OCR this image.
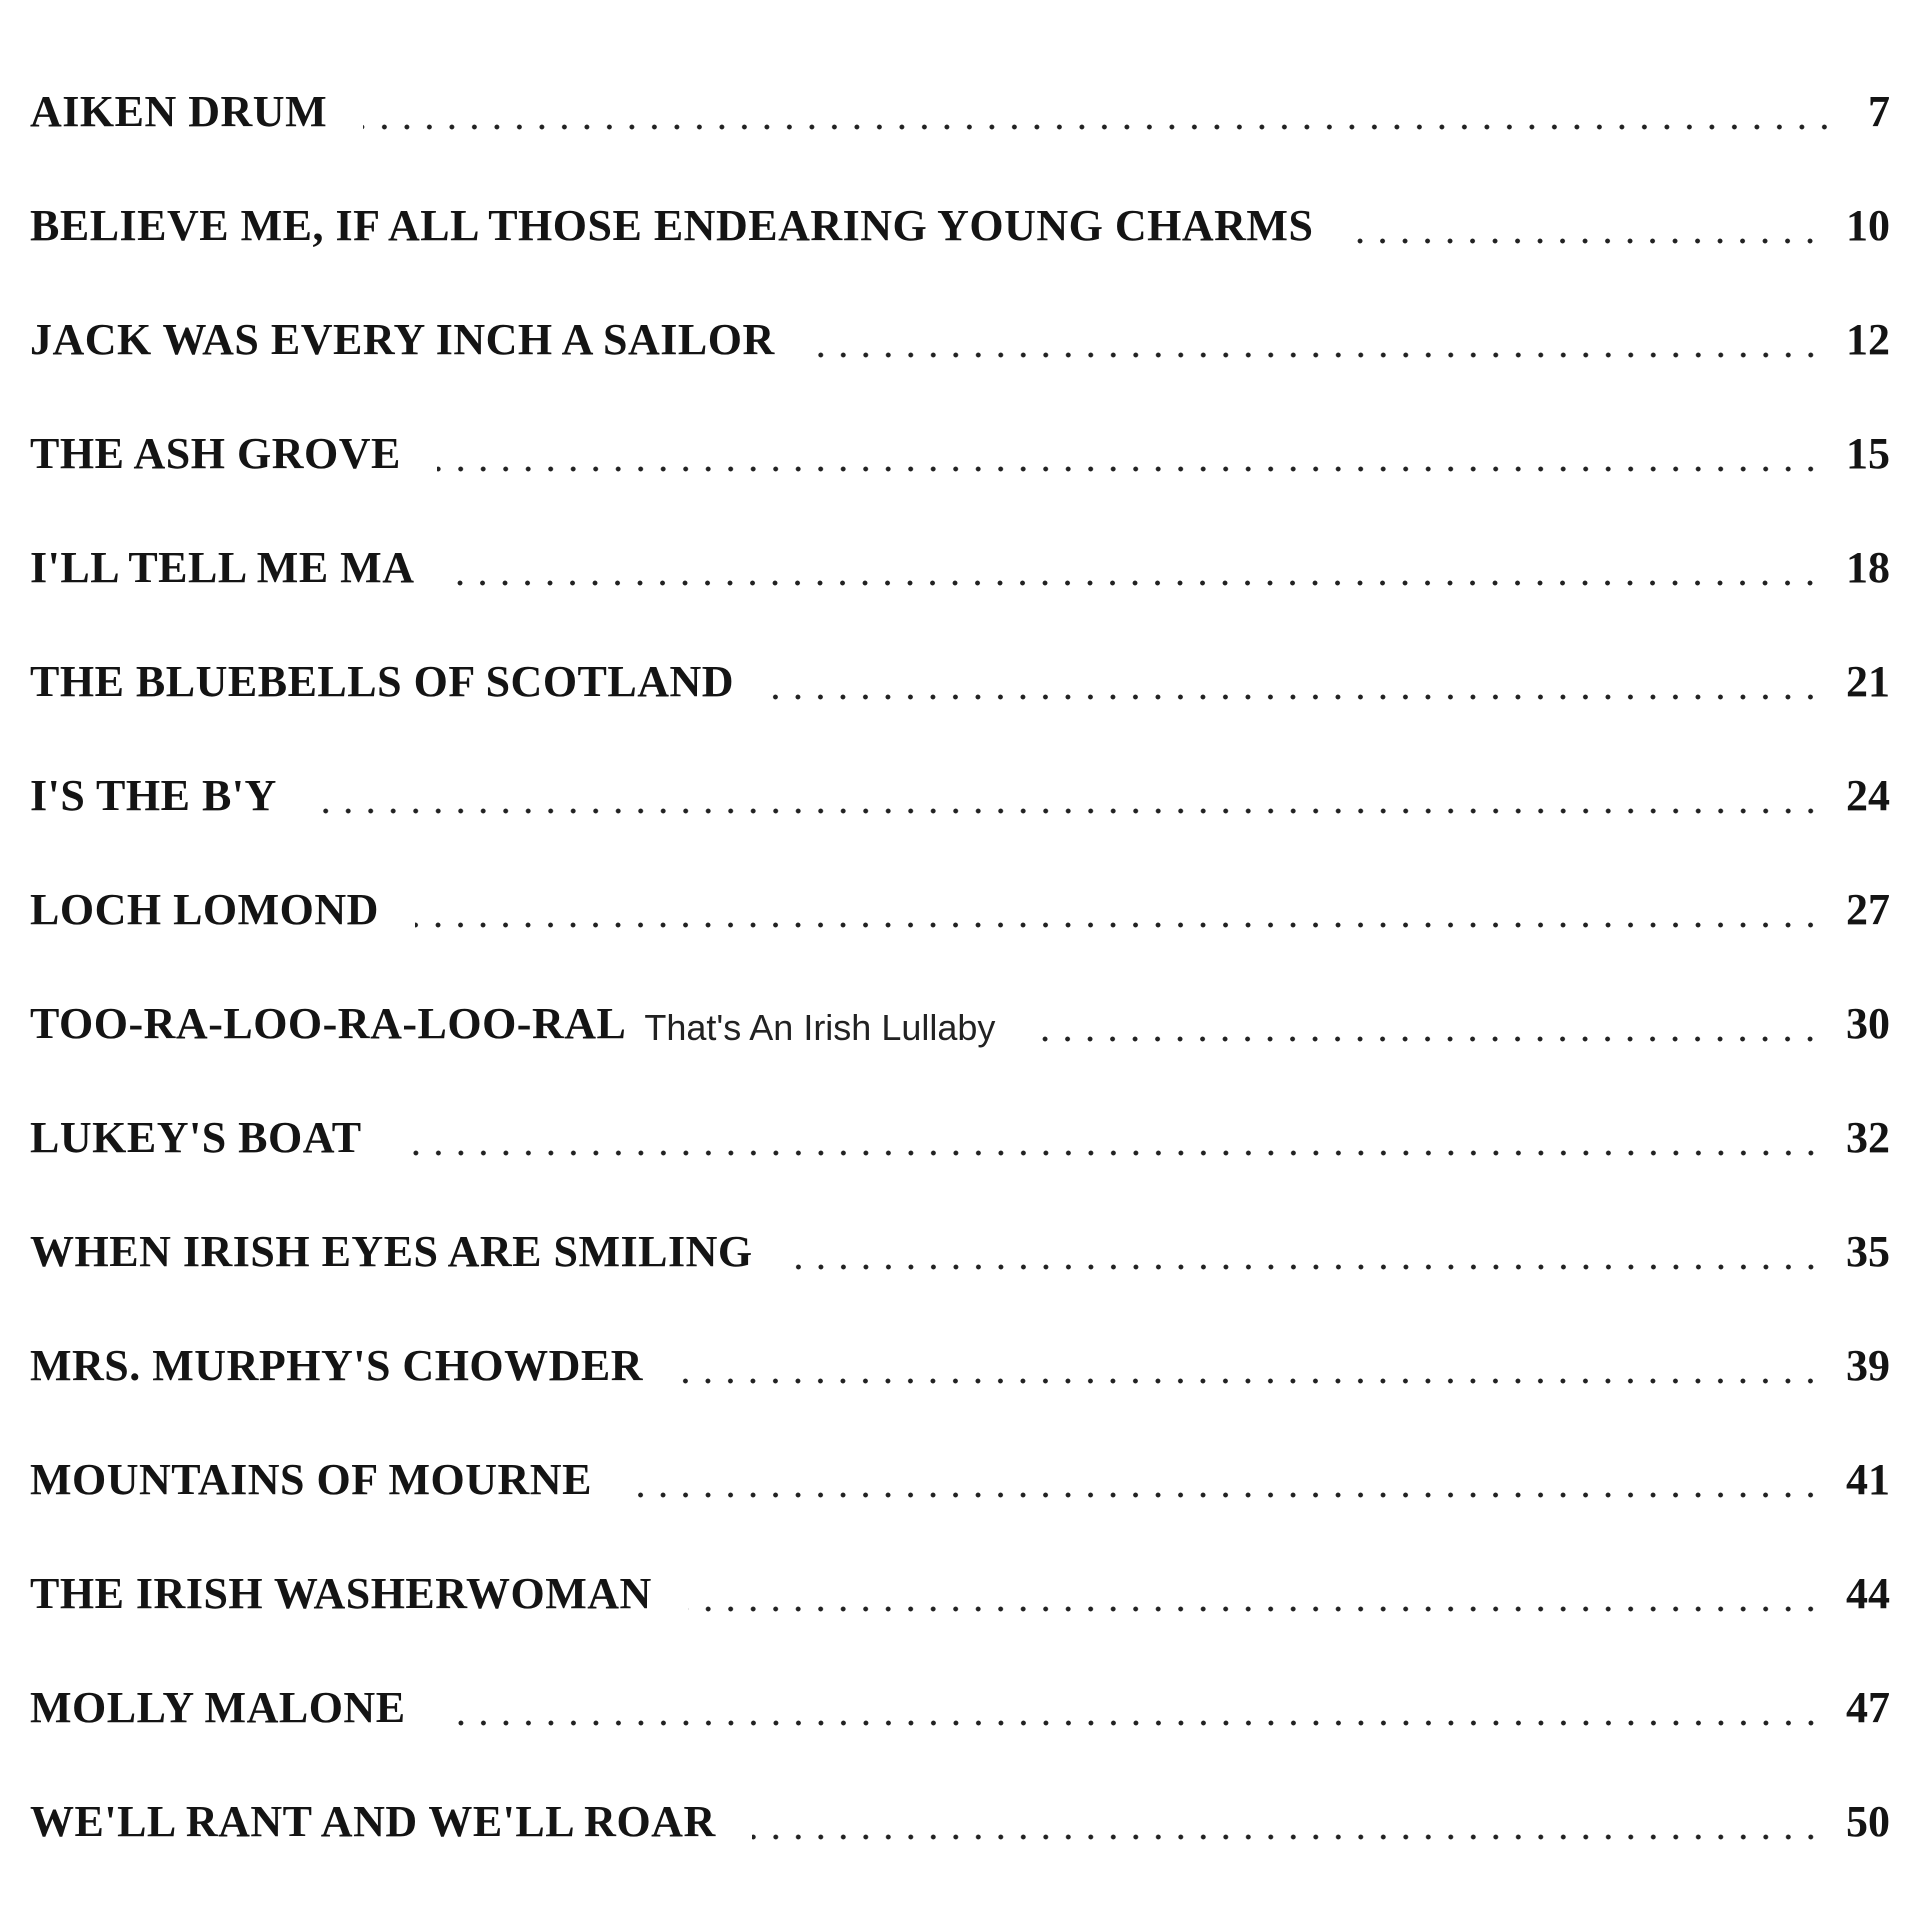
AIKEN DRUM	7
BELIEVE ME, IF ALL THOSE ENDEARING YOUNG CHARMS	10
JACK WAS EVERY INCH A SAILOR	12
THE ASH GROVE	15
I'LL TELL ME MA	18
THE BLUEBELLS OF SCOTLAND	21
I'S THE B'Y	24
LOCH LOMOND	27
TOO-RA-LOO-RA-LOO-RAL That's An Irish Lullaby	30
LUKEY'S BOAT	32
WHEN IRISH EYES ARE SMILING	35
MRS. MURPHY'S CHOWDER	39
MOUNTAINS OF MOURNE	41
THE IRISH WASHERWOMAN	44
MOLLY MALONE	47
WE'LL RANT AND WE'LL ROAR	50
